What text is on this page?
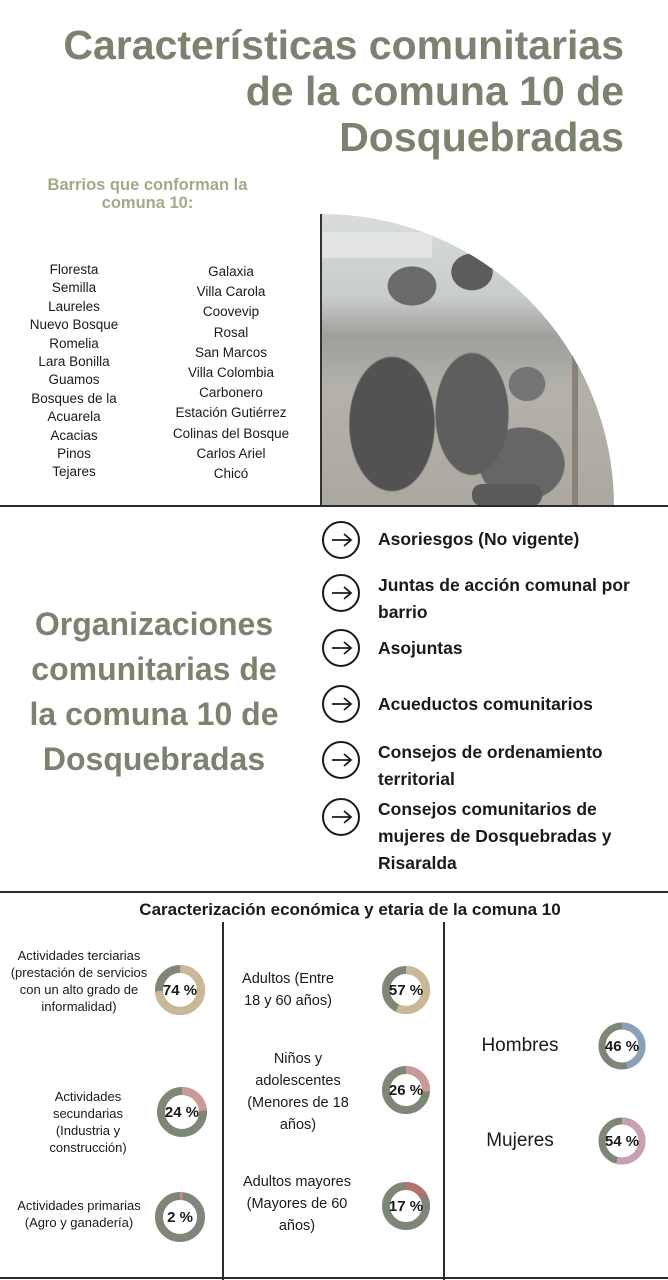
Características comunitarias de la comuna 10 de Dosquebradas
Barrios que conforman la comuna 10:
Floresta
Semilla
Laureles
Nuevo Bosque
Romelia
Lara Bonilla
Guamos
Bosques de la
Acuarela
Acacias
Pinos
Tejares
Galaxia
Villa Carola
Coovevip
Rosal
San Marcos
Villa Colombia
Carbonero
Estación Gutiérrez
Colinas del Bosque
Carlos Ariel
Chicó
Organizaciones comunitarias de la comuna 10 de Dosquebradas
Asoriesgos (No vigente)
Juntas de acción comunal por barrio
Asojuntas
Acueductos comunitarios
Consejos de ordenamiento territorial
Consejos comunitarios de mujeres de Dosquebradas y Risaralda
Caracterización económica y etaria de la comuna 10
Actividades terciarias (prestación de servicios con un alto grado de informalidad)
74 %
Actividades secundarias (Industria y construcción)
24 %
Actividades primarias (Agro y ganadería)	2 %
Adultos (Entre 18 y 60 años)
57 %
Niños y adolescentes (Menores de 18 años)
26 %
Adultos mayores (Mayores de 60 años)
17 %
Hombres	46 %
Mujeres	54 %
